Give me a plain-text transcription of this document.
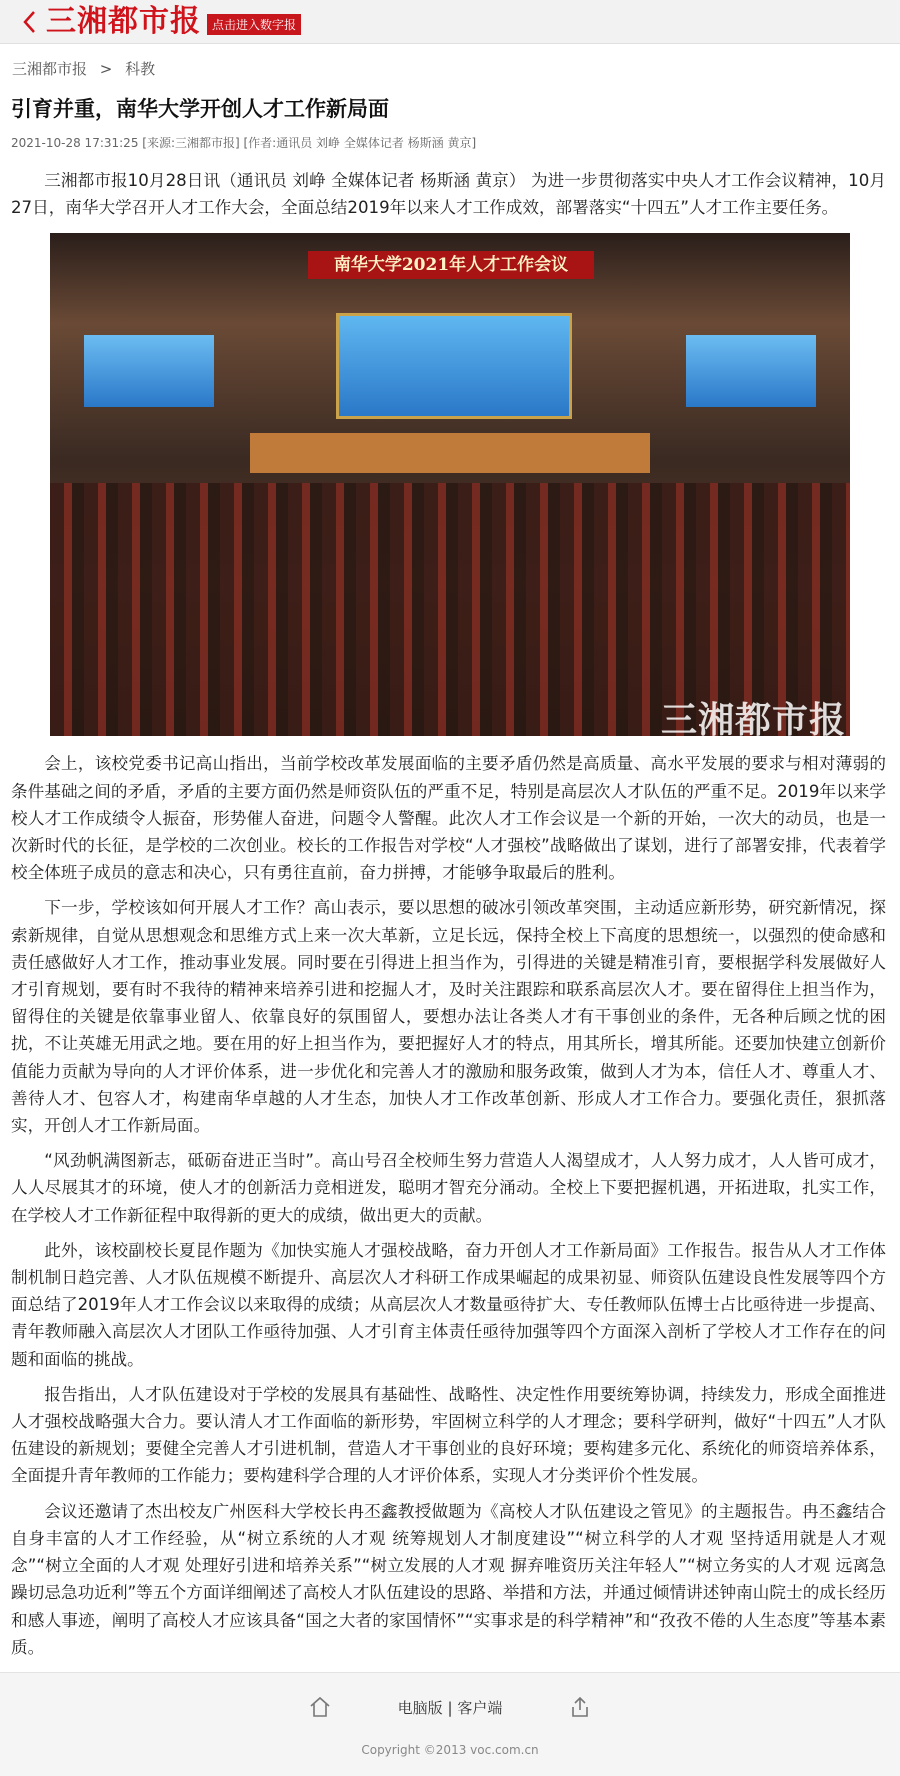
三湘都市报 点击进入数字报
三湘都市报 > 科教
引育并重，南华大学开创人才工作新局面
2021-10-28 17:31:25 [来源:三湘都市报] [作者:通讯员 刘峥 全媒体记者 杨斯涵 黄京]

三湘都市报10月28日讯（通讯员 刘峥 全媒体记者 杨斯涵 黄京） 为进一步贯彻落实中央人才工作会议精神，10月27日，南华大学召开人才工作大会，全面总结2019年以来人才工作成效，部署落实“十四五”人才工作主要任务。

南华大学2021年人才工作会议
三湘都市报

会上，该校党委书记高山指出，当前学校改革发展面临的主要矛盾仍然是高质量、高水平发展的要求与相对薄弱的条件基础之间的矛盾，矛盾的主要方面仍然是师资队伍的严重不足，特别是高层次人才队伍的严重不足。2019年以来学校人才工作成绩令人振奋，形势催人奋进，问题令人警醒。此次人才工作会议是一个新的开始，一次大的动员，也是一次新时代的长征，是学校的二次创业。校长的工作报告对学校“人才强校”战略做出了谋划，进行了部署安排，代表着学校全体班子成员的意志和决心，只有勇往直前，奋力拼搏，才能够争取最后的胜利。

下一步，学校该如何开展人才工作？高山表示，要以思想的破冰引领改革突围，主动适应新形势，研究新情况，探索新规律，自觉从思想观念和思维方式上来一次大革新，立足长远，保持全校上下高度的思想统一，以强烈的使命感和责任感做好人才工作，推动事业发展。同时要在引得进上担当作为，引得进的关键是精准引育，要根据学科发展做好人才引育规划，要有时不我待的精神来培养引进和挖掘人才，及时关注跟踪和联系高层次人才。要在留得住上担当作为，留得住的关键是依靠事业留人、依靠良好的氛围留人，要想办法让各类人才有干事创业的条件，无各种后顾之忧的困扰，不让英雄无用武之地。要在用的好上担当作为，要把握好人才的特点，用其所长，增其所能。还要加快建立创新价值能力贡献为导向的人才评价体系，进一步优化和完善人才的激励和服务政策，做到人才为本，信任人才、尊重人才、善待人才、包容人才，构建南华卓越的人才生态，加快人才工作改革创新、形成人才工作合力。要强化责任，狠抓落实，开创人才工作新局面。

“风劲帆满图新志，砥砺奋进正当时”。高山号召全校师生努力营造人人渴望成才，人人努力成才，人人皆可成才，人人尽展其才的环境，使人才的创新活力竞相迸发，聪明才智充分涌动。全校上下要把握机遇，开拓进取，扎实工作，在学校人才工作新征程中取得新的更大的成绩，做出更大的贡献。

此外，该校副校长夏昆作题为《加快实施人才强校战略，奋力开创人才工作新局面》工作报告。报告从人才工作体制机制日趋完善、人才队伍规模不断提升、高层次人才科研工作成果崛起的成果初显、师资队伍建设良性发展等四个方面总结了2019年人才工作会议以来取得的成绩；从高层次人才数量亟待扩大、专任教师队伍博士占比亟待进一步提高、青年教师融入高层次人才团队工作亟待加强、人才引育主体责任亟待加强等四个方面深入剖析了学校人才工作存在的问题和面临的挑战。

报告指出，人才队伍建设对于学校的发展具有基础性、战略性、决定性作用要统筹协调，持续发力，形成全面推进人才强校战略强大合力。要认清人才工作面临的新形势，牢固树立科学的人才理念；要科学研判，做好“十四五”人才队伍建设的新规划；要健全完善人才引进机制，营造人才干事创业的良好环境；要构建多元化、系统化的师资培养体系，全面提升青年教师的工作能力；要构建科学合理的人才评价体系，实现人才分类评价个性发展。

会议还邀请了杰出校友广州医科大学校长冉丕鑫教授做题为《高校人才队伍建设之管见》的主题报告。冉丕鑫结合自身丰富的人才工作经验，从“树立系统的人才观 统筹规划人才制度建设”“树立科学的人才观 坚持适用就是人才观念”“树立全面的人才观 处理好引进和培养关系”“树立发展的人才观 摒弃唯资历关注年轻人”“树立务实的人才观 远离急躁切忌急功近利”等五个方面详细阐述了高校人才队伍建设的思路、举措和方法，并通过倾情讲述钟南山院士的成长经历和感人事迹，阐明了高校人才应该具备“国之大者的家国情怀”“实事求是的科学精神”和“孜孜不倦的人生态度”等基本素质。

电脑版 | 客户端
Copyright ©2013 voc.com.cn
